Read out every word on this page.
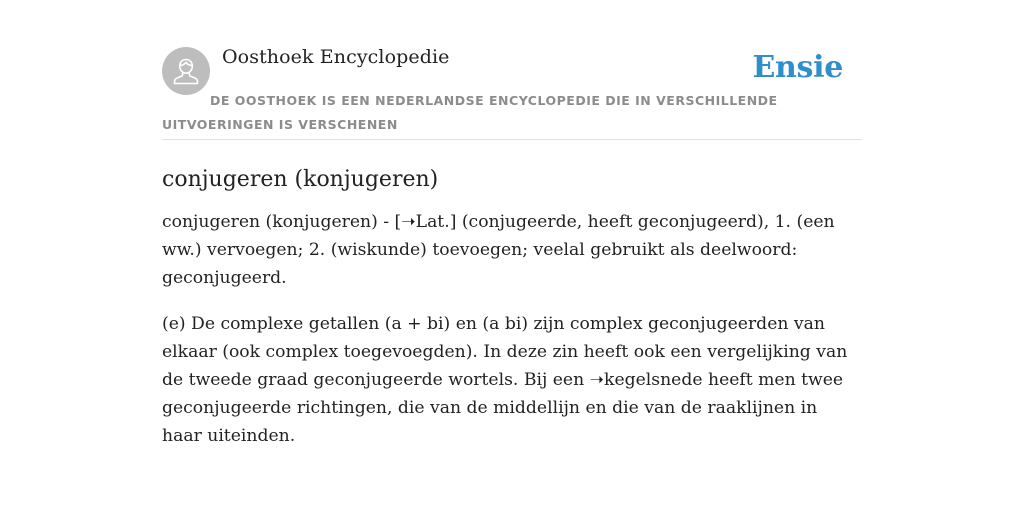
Oosthoek Encyclopedie	Ensie
DE OOSTHOEK IS EEN NEDERLANDSE ENCYCLOPEDIE DIE IN VERSCHILLENDE UITVOERINGEN IS VERSCHENEN
conjugeren (konjugeren)

conjugeren (konjugeren) - [➝Lat.] (conjugeerde, heeft geconjugeerd), 1. (een ww.) vervoegen; 2. (wiskunde) toevoegen; veelal gebruikt als deelwoord: geconjugeerd.

(e) De complexe getallen (a + bi) en (a bi) zijn complex geconjugeerden van elkaar (ook complex toegevoegden). In deze zin heeft ook een vergelijking van de tweede graad geconjugeerde wortels. Bij een ➝kegelsnede heeft men twee geconjugeerde richtingen, die van de middellijn en die van de raaklijnen in haar uiteinden.
